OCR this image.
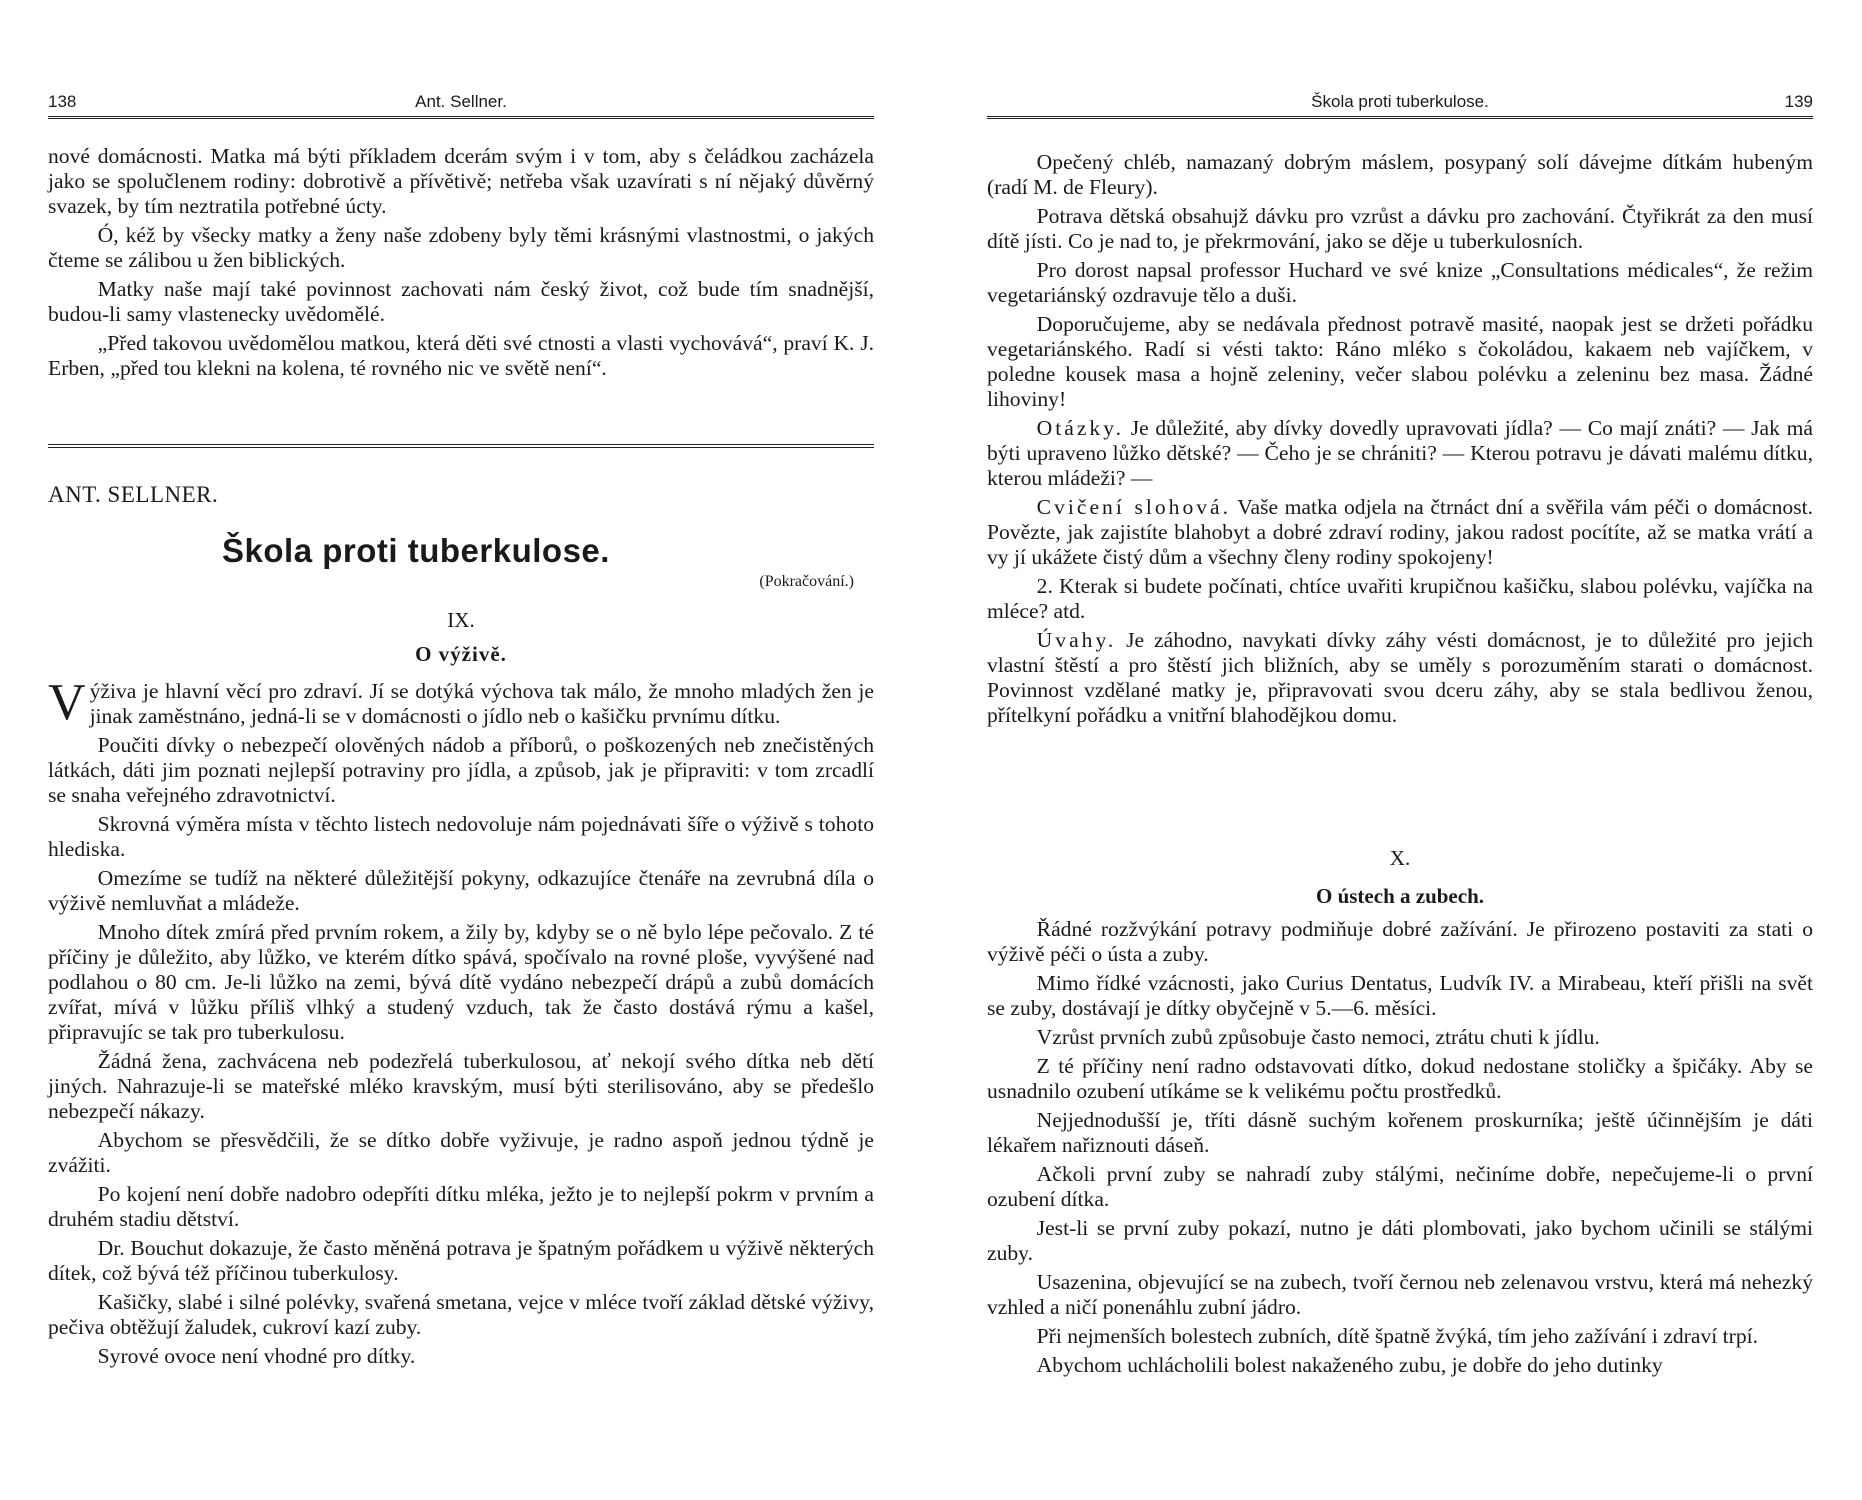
138	Ant. Sellner.

nové domácnosti. Matka má býti příkladem dcerám svým i v tom, aby s čeládkou zacházela jako se spolučlenem rodiny: dobrotivě a přívětivě; netřeba však uzavírati s ní nějaký důvěrný svazek, by tím neztratila potřebné úcty.

Ó, kéž by všecky matky a ženy naše zdobeny byly těmi krásnými vlastnostmi, o jakých čteme se zálibou u žen biblických.

Matky naše mají také povinnost zachovati nám český život, což bude tím snadnější, budou-li samy vlastenecky uvědomělé.

„Před takovou uvědomělou matkou, která děti své ctnosti a vlasti vychovává“, praví K. J. Erben, „před tou klekni na kolena, té rovného nic ve světě není“.

ANT. SELLNER.
Škola proti tuberkulose.
(Pokračování.)
IX.
O výživě.

Výživa je hlavní věcí pro zdraví. Jí se dotýká výchova tak málo, že mnoho mladých žen je jinak zaměstnáno, jedná-li se v domácnosti o jídlo neb o kašičku prvnímu dítku.

Poučiti dívky o nebezpečí olověných nádob a příborů, o poškozených neb znečistěných látkách, dáti jim poznati nejlepší potraviny pro jídla, a způsob, jak je připraviti: v tom zrcadlí se snaha veřejného zdravotnictví.

Skrovná výměra místa v těchto listech nedovoluje nám pojednávati šíře o výživě s tohoto hlediska.

Omezíme se tudíž na některé důležitější pokyny, odkazujíce čtenáře na zevrubná díla o výživě nemluvňat a mládeže.

Mnoho dítek zmírá před prvním rokem, a žily by, kdyby se o ně bylo lépe pečovalo. Z té příčiny je důležito, aby lůžko, ve kterém dítko spává, spočívalo na rovné ploše, vyvýšené nad podlahou o 80 cm. Je-li lůžko na zemi, bývá dítě vydáno nebezpečí drápů a zubů domácích zvířat, mívá v lůžku příliš vlhký a studený vzduch, tak že často dostává rýmu a kašel, připravujíc se tak pro tuberkulosu.

Žádná žena, zachvácena neb podezřelá tuberkulosou, ať nekojí svého dítka neb dětí jiných. Nahrazuje-li se mateřské mléko kravským, musí býti sterilisováno, aby se předešlo nebezpečí nákazy.

Abychom se přesvědčili, že se dítko dobře vyživuje, je radno aspoň jednou týdně je zvážiti.

Po kojení není dobře nadobro odepříti dítku mléka, ježto je to nejlepší pokrm v prvním a druhém stadiu dětství.

Dr. Bouchut dokazuje, že často měněná potrava je špatným pořádkem u výživě některých dítek, což bývá též příčinou tuberkulosy.

Kašičky, slabé i silné polévky, svařená smetana, vejce v mléce tvoří základ dětské výživy, pečiva obtěžují žaludek, cukroví kazí zuby.

Syrové ovoce není vhodné pro dítky.

Škola proti tuberkulose.	139

Opečený chléb, namazaný dobrým máslem, posypaný solí dávejme dítkám hubeným (radí M. de Fleury).

Potrava dětská obsahujž dávku pro vzrůst a dávku pro zachování. Čtyřikrát za den musí dítě jísti. Co je nad to, je překrmování, jako se děje u tuberkulosních.

Pro dorost napsal professor Huchard ve své knize „Consultations médicales“, že režim vegetariánský ozdravuje tělo a duši.

Doporučujeme, aby se nedávala přednost potravě masité, naopak jest se držeti pořádku vegetariánského. Radí si vésti takto: Ráno mléko s čokoládou, kakaem neb vajíčkem, v poledne kousek masa a hojně zeleniny, večer slabou polévku a zeleninu bez masa. Žádné lihoviny!

Otázky. Je důležité, aby dívky dovedly upravovati jídla? — Co mají znáti? — Jak má býti upraveno lůžko dětské? — Čeho je se chrániti? — Kterou potravu je dávati malému dítku, kterou mládeži? —

Cvičení slohová. Vaše matka odjela na čtrnáct dní a svěřila vám péči o domácnost. Povězte, jak zajistíte blahobyt a dobré zdraví rodiny, jakou radost pocítíte, až se matka vrátí a vy jí ukážete čistý dům a všechny členy rodiny spokojeny!

2. Kterak si budete počínati, chtíce uvařiti krupičnou kašičku, slabou polévku, vajíčka na mléce? atd.

Úvahy. Je záhodno, navykati dívky záhy vésti domácnost, je to důležité pro jejich vlastní štěstí a pro štěstí jich bližních, aby se uměly s porozuměním starati o domácnost. Povinnost vzdělané matky je, připravovati svou dceru záhy, aby se stala bedlivou ženou, přítelkyní pořádku a vnitřní blahodějkou domu.

X.
O ústech a zubech.

Řádné rozžvýkání potravy podmiňuje dobré zažívání. Je přirozeno postaviti za stati o výživě péči o ústa a zuby.

Mimo řídké vzácnosti, jako Curius Dentatus, Ludvík IV. a Mirabeau, kteří přišli na svět se zuby, dostávají je dítky obyčejně v 5.—6. měsíci.

Vzrůst prvních zubů způsobuje často nemoci, ztrátu chuti k jídlu.

Z té příčiny není radno odstavovati dítko, dokud nedostane stoličky a špičáky. Aby se usnadnilo ozubení utíkáme se k velikému počtu prostředků.

Nejjednodušší je, tříti dásně suchým kořenem proskurníka; ještě účinnějším je dáti lékařem nařiznouti dáseň.

Ačkoli první zuby se nahradí zuby stálými, nečiníme dobře, nepečujeme-li o první ozubení dítka.

Jest-li se první zuby pokazí, nutno je dáti plombovati, jako bychom učinili se stálými zuby.

Usazenina, objevující se na zubech, tvoří černou neb zelenavou vrstvu, která má nehezký vzhled a ničí ponenáhlu zubní jádro.

Při nejmenších bolestech zubních, dítě špatně žvýká, tím jeho zažívání i zdraví trpí.

Abychom uchlácholili bolest nakaženého zubu, je dobře do jeho dutinky
